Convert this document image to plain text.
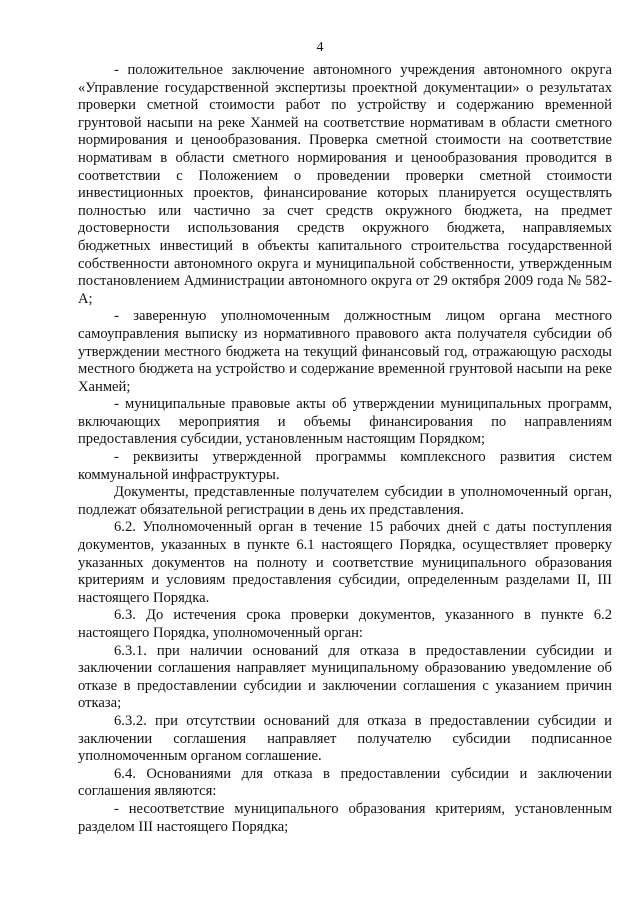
4

- положительное заключение автономного учреждения автономного округа «Управление государственной экспертизы проектной документации» о результатах проверки сметной стоимости работ по устройству и содержанию временной грунтовой насыпи на реке Ханмей на соответствие нормативам в области сметного нормирования и ценообразования. Проверка сметной стоимости на соответствие нормативам в области сметного нормирования и ценообразования проводится в соответствии с Положением о проведении проверки сметной стоимости инвестиционных проектов, финансирование которых планируется осуществлять полностью или частично за счет средств окружного бюджета, на предмет достоверности использования средств окружного бюджета, направляемых бюджетных инвестиций в объекты капитального строительства государственной собственности автономного округа и муниципальной собственности, утвержденным постановлением Администрации автономного округа от 29 октября 2009 года № 582-А;

- заверенную уполномоченным должностным лицом органа местного самоуправления выписку из нормативного правового акта получателя субсидии об утверждении местного бюджета на текущий финансовый год, отражающую расходы местного бюджета на устройство и содержание временной грунтовой насыпи на реке Ханмей;

- муниципальные правовые акты об утверждении муниципальных программ, включающих мероприятия и объемы финансирования по направлениям предоставления субсидии, установленным настоящим Порядком;

- реквизиты утвержденной программы комплексного развития систем коммунальной инфраструктуры.

Документы, представленные получателем субсидии в уполномоченный орган, подлежат обязательной регистрации в день их представления.

6.2. Уполномоченный орган в течение 15 рабочих дней с даты поступления документов, указанных в пункте 6.1 настоящего Порядка, осуществляет проверку указанных документов на полноту и соответствие муниципального образования критериям и условиям предоставления субсидии, определенным разделами II, III настоящего Порядка.

6.3. До истечения срока проверки документов, указанного в пункте 6.2 настоящего Порядка, уполномоченный орган:

6.3.1. при наличии оснований для отказа в предоставлении субсидии и заключении соглашения направляет муниципальному образованию уведомление об отказе в предоставлении субсидии и заключении соглашения с указанием причин отказа;

6.3.2. при отсутствии оснований для отказа в предоставлении субсидии и заключении соглашения направляет получателю субсидии подписанное уполномоченным органом соглашение.

6.4. Основаниями для отказа в предоставлении субсидии и заключении соглашения являются:

- несоответствие муниципального образования критериям, установленным разделом III настоящего Порядка;
